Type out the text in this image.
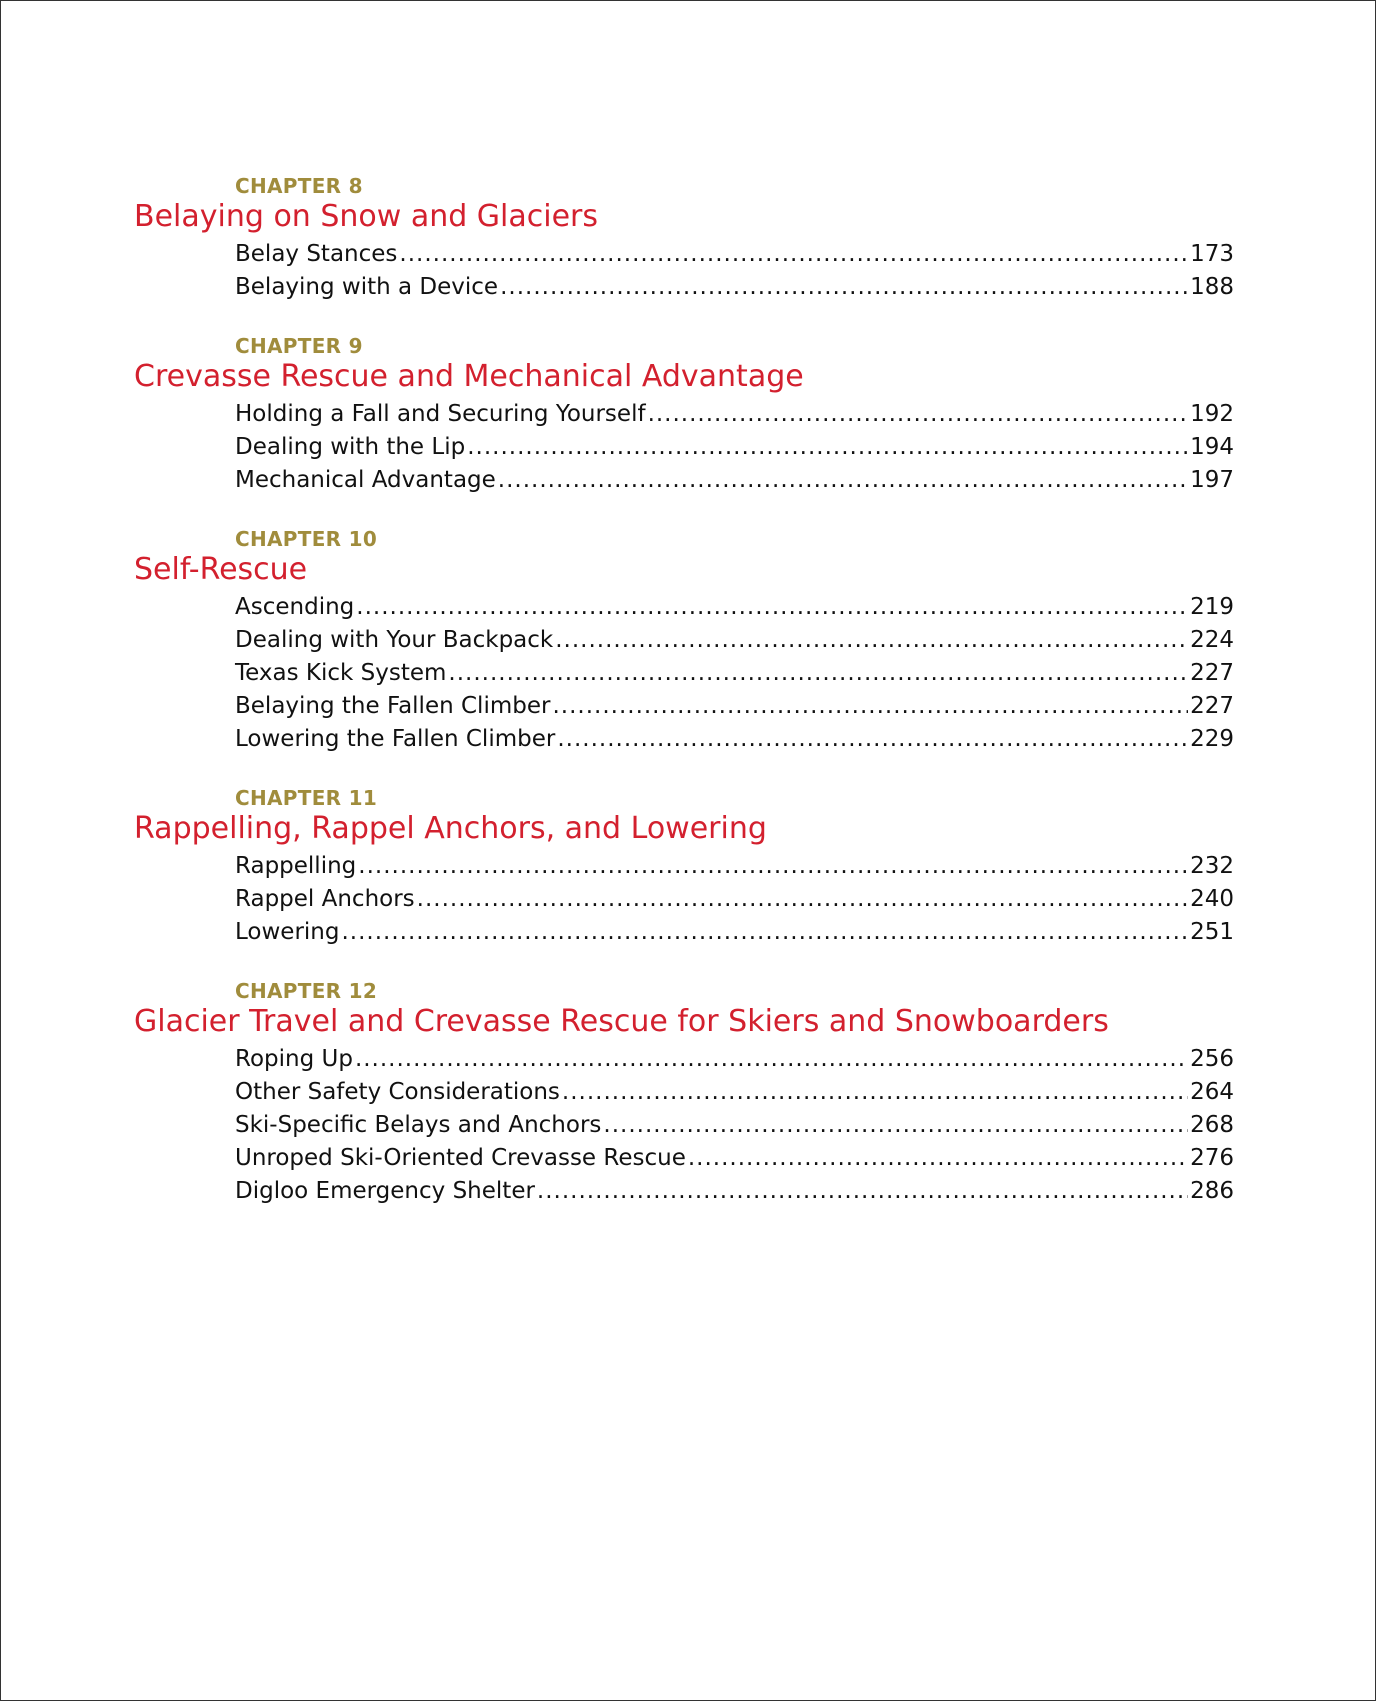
CHAPTER 8
Belaying on Snow and Glaciers
Belay Stances .....	173
Belaying with a Device .....	188
CHAPTER 9
Crevasse Rescue and Mechanical Advantage
Holding a Fall and Securing Yourself .....	192
Dealing with the Lip .....	194
Mechanical Advantage .....	197
CHAPTER 10
Self-Rescue
Ascending .....	219
Dealing with Your Backpack .....	224
Texas Kick System .....	227
Belaying the Fallen Climber .....	227
Lowering the Fallen Climber .....	229
CHAPTER 11
Rappelling, Rappel Anchors, and Lowering
Rappelling .....	232
Rappel Anchors .....	240
Lowering .....	251
CHAPTER 12
Glacier Travel and Crevasse Rescue for Skiers and Snowboarders
Roping Up .....	256
Other Safety Considerations .....	264
Ski-Specific Belays and Anchors .....	268
Unroped Ski-Oriented Crevasse Rescue .....	276
Digloo Emergency Shelter .....	286
